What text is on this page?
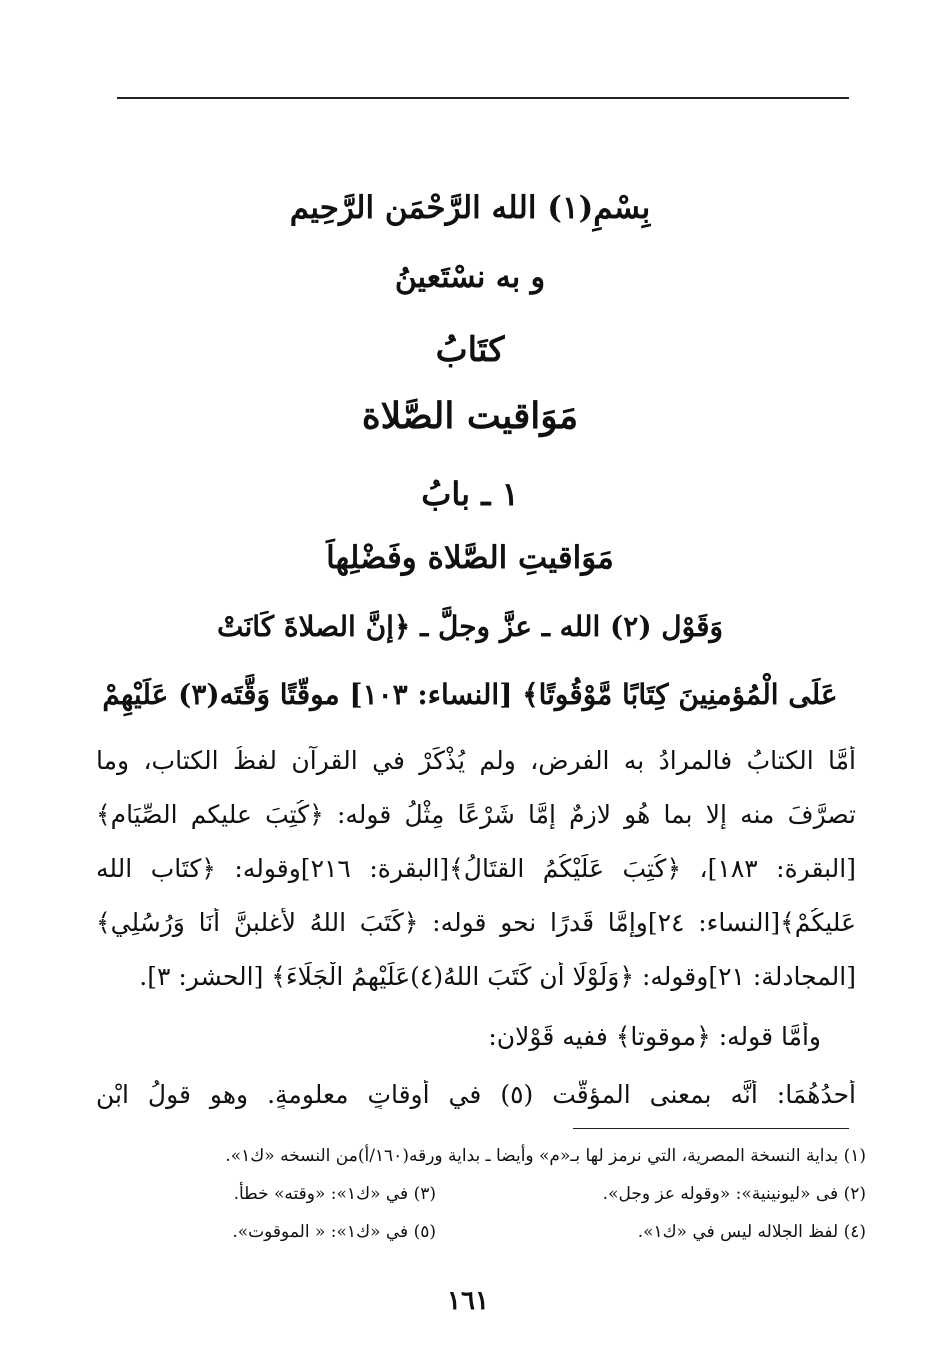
بِسْمِ(١) الله الرَّحْمَن الرَّحِيم
و به نسْتَعينُ
كتَابُ
مَوَاقيت الصَّلاة
١ ـ بابُ
مَوَاقيتِ الصَّلاة وفَضْلِهاَ
وَقَوْل (٢) الله ـ عزَّ وجلَّ ـ ﴿إنَّ الصلاةَ كَانَتْ
عَلَى الْمُؤمنِينَ كِتَابًا مَّوْقُوتًا﴾ [النساء: ١٠٣] موقّتًا وَقَّتَه(٣) عَلَيْهِمْ
أمَّا الكتابُ فالمرادُ به الفرض، ولم يُذْكَرْ في القرآن لفظُ الكتاب، وما
تصرَّفَ منه إلا بما هُو لازمٌ إمَّا شَرْعًا مِثْلُ قوله: ﴿كُتِبَ عليكم الصِّيَام﴾
[البقرة: ١٨٣]، ﴿كُتِبَ عَلَيْكُمُ القتَالُ﴾[البقرة: ٢١٦]وقوله: ﴿كتَاب الله
عَليكُمْ﴾[النساء: ٢٤]وإمَّا قَدرًا نحو قوله: ﴿كَتَبَ اللهُ لأَغلبنَّ أنَا وَرُسُلِي﴾
[المجادلة: ٢١]وقوله: ﴿وَلَوْلَا أَن كَتَبَ اللهُ(٤)عَلَيْهِمُ الْجَلَاءَ﴾ [الحشر: ٣].
وأمَّا قوله: ﴿موقوتا﴾ ففيه قَوْلان:
أحدُهُمَا: أنَّه بمعنى المؤقَّت (٥) في أوقاتٍ معلومةٍ. وهو قولُ ابْنِ
(١) بداية النسخة المصرية، التي نرمز لها بـ«م» وأيضا ـ بداية ورقه(١٦٠/أ)من النسخه «ك١».
(٢) فى «ليونينية»: «وقوله عز وجل».
(٣) في «ك١»: «وقته» خطأ.
(٤) لفظ الجلاله ليس في «ك١».
(٥) في «ك١»: « الموقوت».
١٦١
